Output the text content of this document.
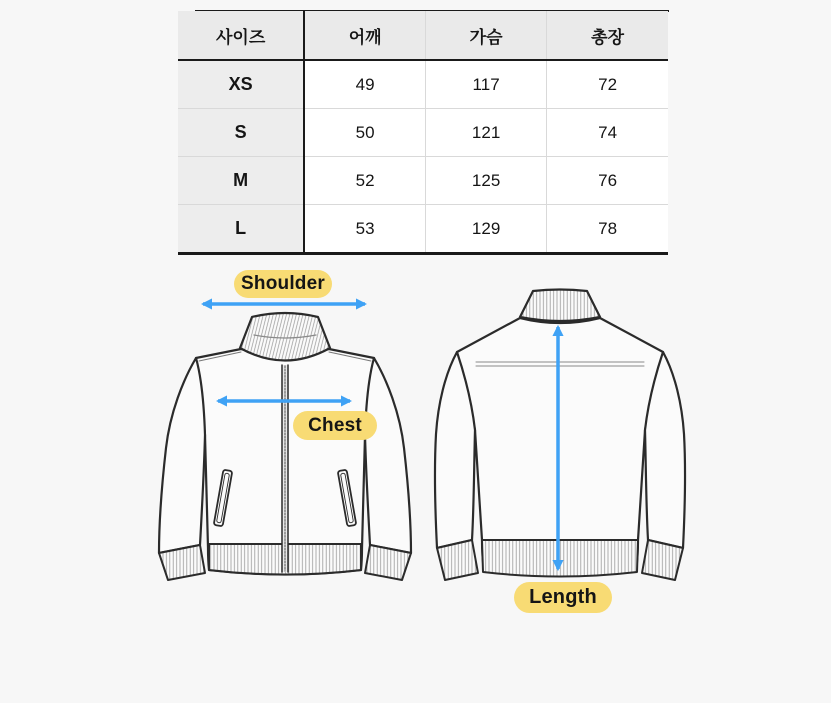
사이즈	어깨	가슴	총장
XS	49	117	72
S	50	121	74
M	52	125	76
L	53	129	78
Shoulder
Chest
Length
